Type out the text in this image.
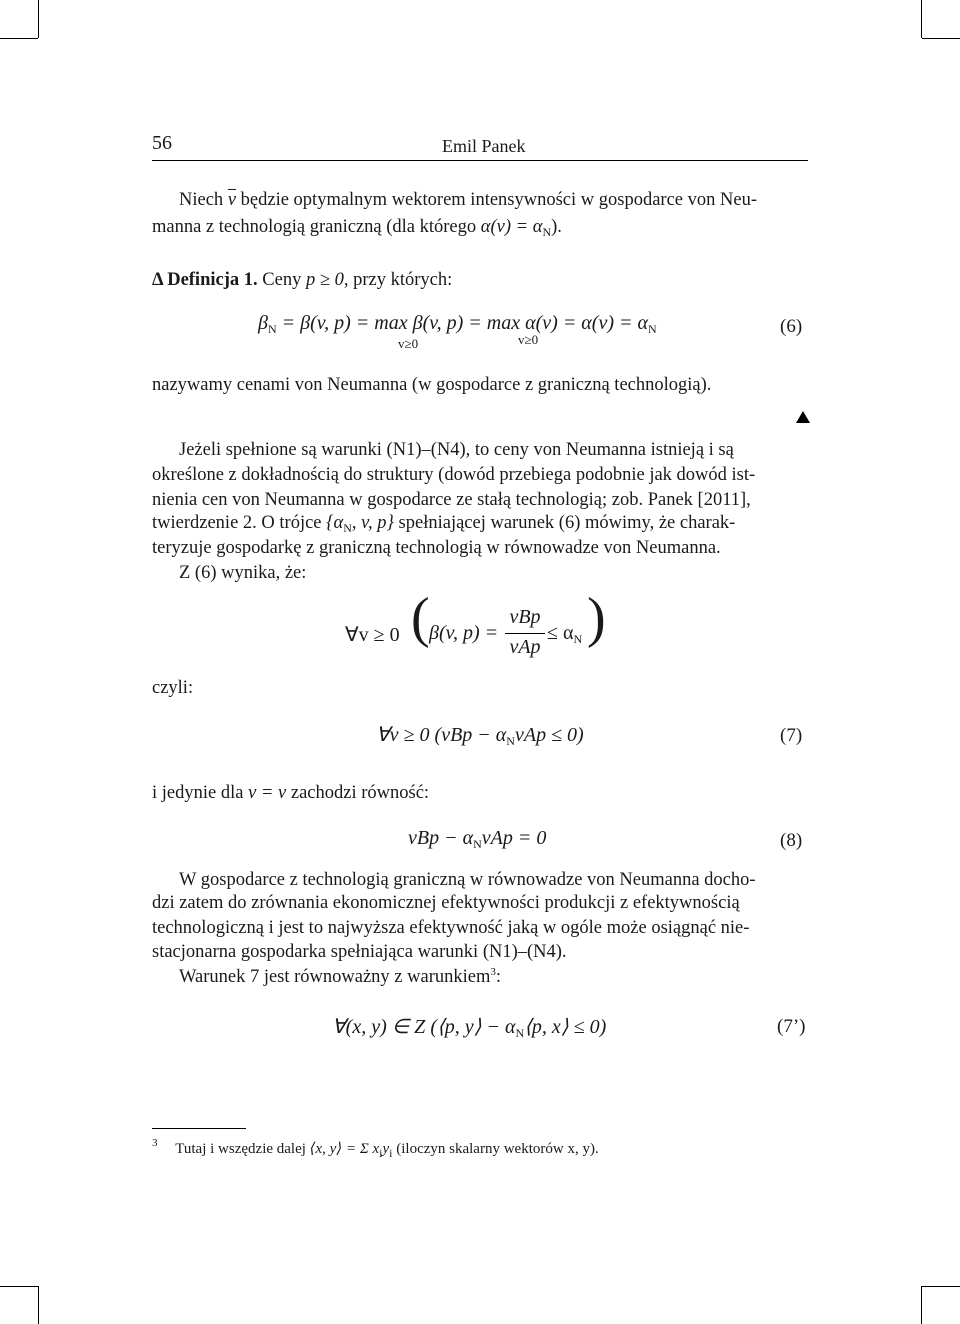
56	Emil Panek
Niech $\overline{v}$ będzie optymalnym wektorem intensywności w gospodarce von Neu-
manna z technologią graniczną (dla którego $\alpha(v) = \alpha_N$).
Δ Definicja 1. Ceny p ≥ 0, przy których:
$\beta_N = \beta(v$, p) = max β(v, $p) = \max \alpha(v) = \alpha(v) = \alpha_N$
v≥0	v≥0
(6)
nazywamy cenami von Neumanna (w gospodarce z graniczną technologią).
Jeżeli spełnione są warunki (N1)–(N4), to ceny von Neumanna istnieją i są
określone z dokładnością do struktury (dowód przebiega podobnie jak dowód ist-
nienia cen von Neumanna w gospodarce ze stałą technologią; zob. Panek [2011],
twierdzenie 2. O trójce {$\alpha_N$, v, p} spełniającej warunek (6) mówimy, że charak-
teryzuje gospodarkę z graniczną technologią w równowadze von Neumanna.
Z (6) wynika, że:
∀v ≥ 0 ( β(v, p) =
vBp
vAp
≤ $\alpha_N$ )
czyli:
∀v ≥ 0 $(vBp - \alpha_NvAp \le 0)$	(7)
i jedynie dla v = v zachodzi równość:
vBp − $\alpha_NvAp = 0$	(8)
W gospodarce z technologią graniczną w równowadze von Neumanna docho-
dzi zatem do zrównania ekonomicznej efektywności produkcji z efektywnością
technologiczną i jest to najwyższa efektywność jaką w ogóle może osiągnąć nie-
stacjonarna gospodarka spełniająca warunki (N1)–(N4).
Warunek 7 jest równoważny z warunkiem$^3$:
∀(x, y) ∈ Z (⟨p, y⟩ − $\alpha_N⟨p$, x⟩ ≤ 0)	(7’)
$^3$ Tutaj i wszędzie dalej ⟨x, y⟩ = Σ $x_iy_i$ (iloczyn skalarny wektorów x, y).
